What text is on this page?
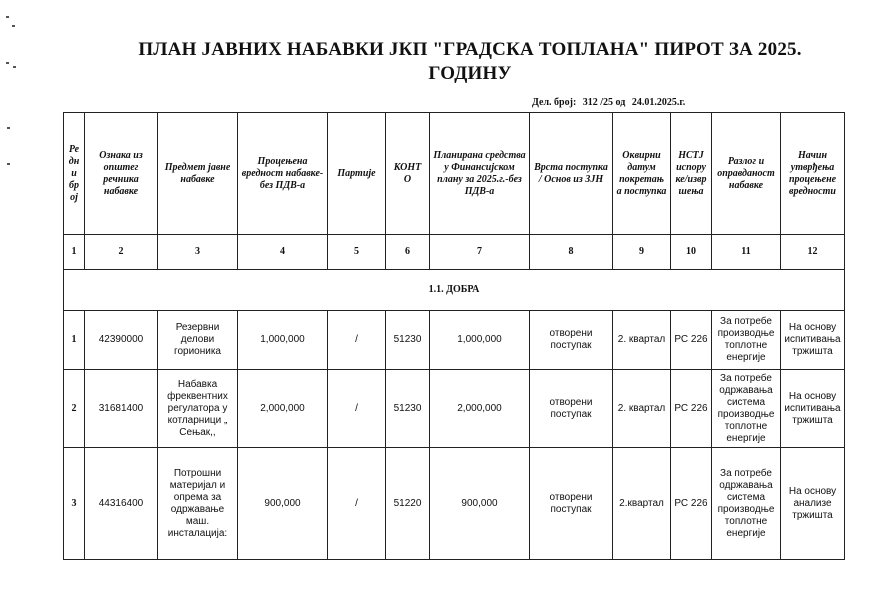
ПЛАН ЈАВНИХ НАБАВКИ ЈКП "ГРАДСКА ТОПЛАНА" ПИРОТ ЗА 2025. ГОДИНУ
Дел. број: 312 /25 од 24.01.2025.г.
Ре дн и бр ој	Ознака из општег речника набавке	Предмет јавне набавке	Процењена вредност набавке-без ПДВ-а	Партије	КОНТ О	Планирана средства у Финансијском плану за 2025.г.-без ПДВ-а	Врста поступка / Основ из ЗЈН	Оквирни датум покретањ а поступка	НСТЈ испору ке/извр шења	Разлог и оправданост набавке	Начин утврђења процењене вредности
1	2	3	4	5	6	7	8	9	10	11	12
1.1. ДОБРА											
1	42390000	Резервни делови горионика	1,000,000	/	51230	1,000,000	отворени поступак	2. квартал	РС 226	За потребе производње топлотне енергије	На основу испитивања тржишта
2	31681400	Набавка фреквентних регулатора у котларници „ Сењак,,	2,000,000	/	51230	2,000,000	отворени поступак	2. квартал	РС 226	За потребе одржавања система производње топлотне енергије	На основу испитивања тржишта
3	44316400	Потрошни материјал и опрема за одржавање маш. инсталација:	900,000	/	51220	900,000	отворени поступак	2.квартал	РС 226	За потребе одржавања система производње топлотне енергије	На основу анализе тржишта
